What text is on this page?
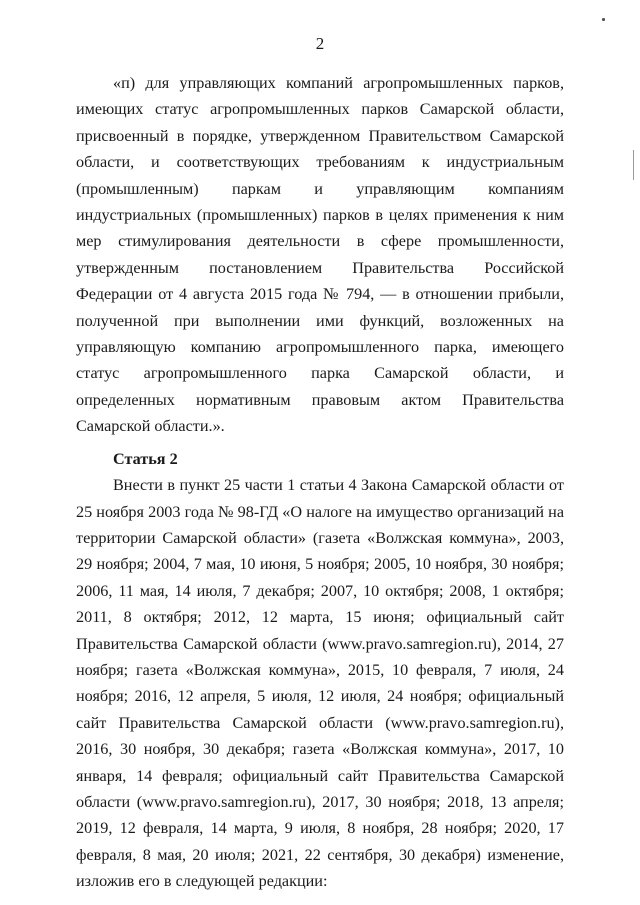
2

«п) для управляющих компаний агропромышленных парков, имеющих статус агропромышленных парков Самарской области, присвоенный в порядке, утвержденном Правительством Самарской области, и соответствующих требованиям к индустриальным (промышленным) паркам и управляющим компаниям индустриальных (промышленных) парков в целях применения к ним мер стимулирования деятельности в сфере промышленности, утвержденным постановлением Правительства Российской Федерации от 4 августа 2015 года № 794, — в отношении прибыли, полученной при выполнении ими функций, возложенных на управляющую компанию агропромышленного парка, имеющего статус агропромышленного парка Самарской области, и определенных нормативным правовым актом Правительства Самарской области.».

Статья 2

Внести в пункт 25 части 1 статьи 4 Закона Самарской области от 25 ноября 2003 года № 98-ГД «О налоге на имущество организаций на территории Самарской области» (газета «Волжская коммуна», 2003, 29 ноября; 2004, 7 мая, 10 июня, 5 ноября; 2005, 10 ноября, 30 ноября; 2006, 11 мая, 14 июля, 7 декабря; 2007, 10 октября; 2008, 1 октября; 2011, 8 октября; 2012, 12 марта, 15 июня; официальный сайт Правительства Самарской области (www.pravo.samregion.ru), 2014, 27 ноября; газета «Волжская коммуна», 2015, 10 февраля, 7 июля, 24 ноября; 2016, 12 апреля, 5 июля, 12 июля, 24 ноября; официальный сайт Правительства Самарской области (www.pravo.samregion.ru), 2016, 30 ноября, 30 декабря; газета «Волжская коммуна», 2017, 10 января, 14 февраля; официальный сайт Правительства Самарской области (www.pravo.samregion.ru), 2017, 30 ноября; 2018, 13 апреля; 2019, 12 февраля, 14 марта, 9 июля, 8 ноября, 28 ноября; 2020, 17 февраля, 8 мая, 20 июля; 2021, 22 сентября, 30 декабря) изменение, изложив его в следующей редакции:
